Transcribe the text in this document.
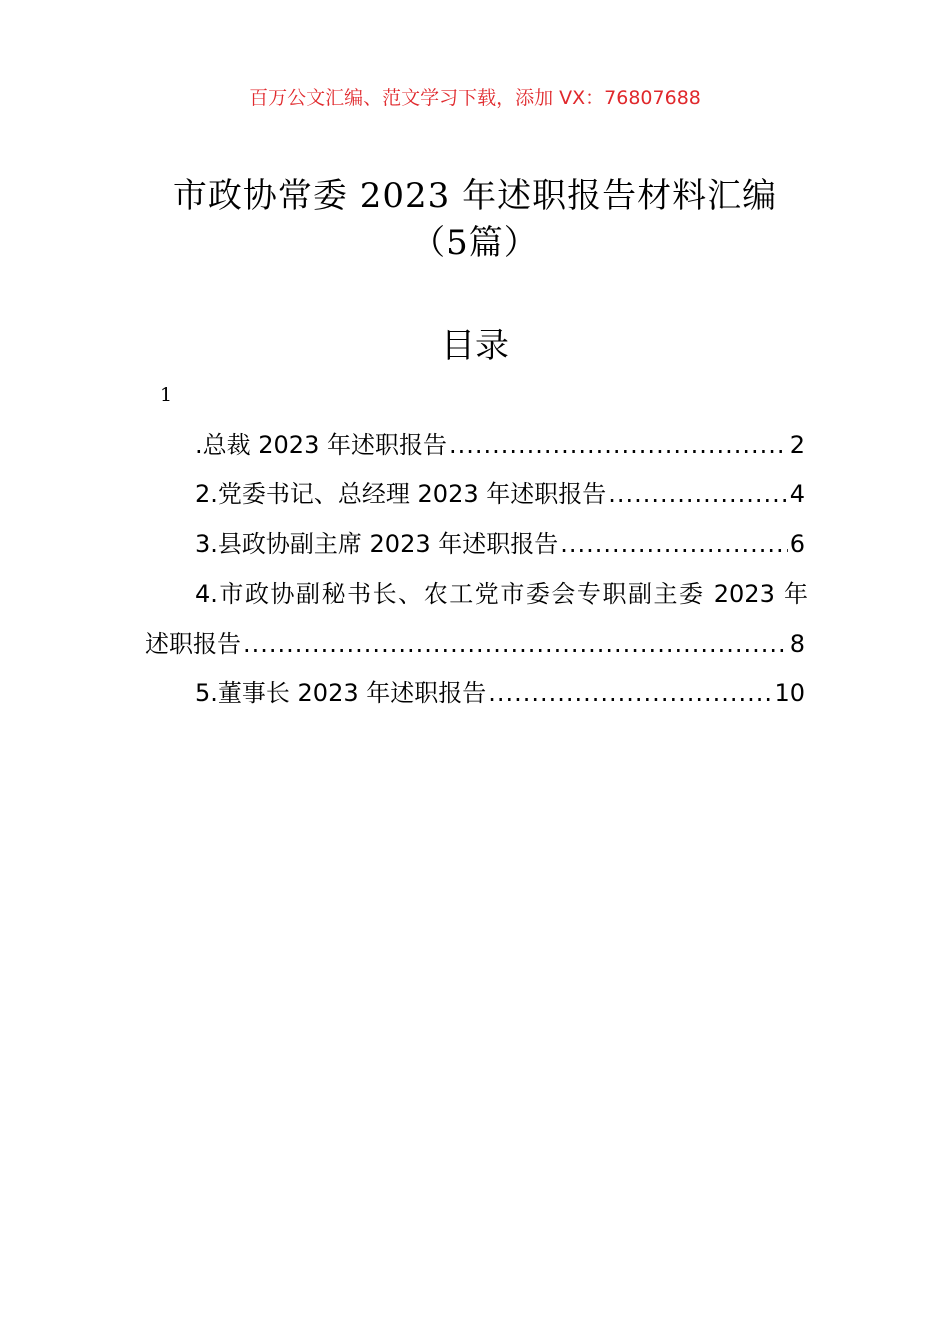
百万公文汇编、范文学习下载，添加 VX：76807688
市政协常委 2023 年述职报告材料汇编（5篇）
目录
1
.总裁 2023 年述职报告 .....	2
2.党委书记、总经理 2023 年述职报告 .....	4
3.县政协副主席 2023 年述职报告 .....	6
4.市政协副秘书长、农工党市委会专职副主委 2023 年
述职报告 .....	8
5.董事长 2023 年述职报告 .....	10
